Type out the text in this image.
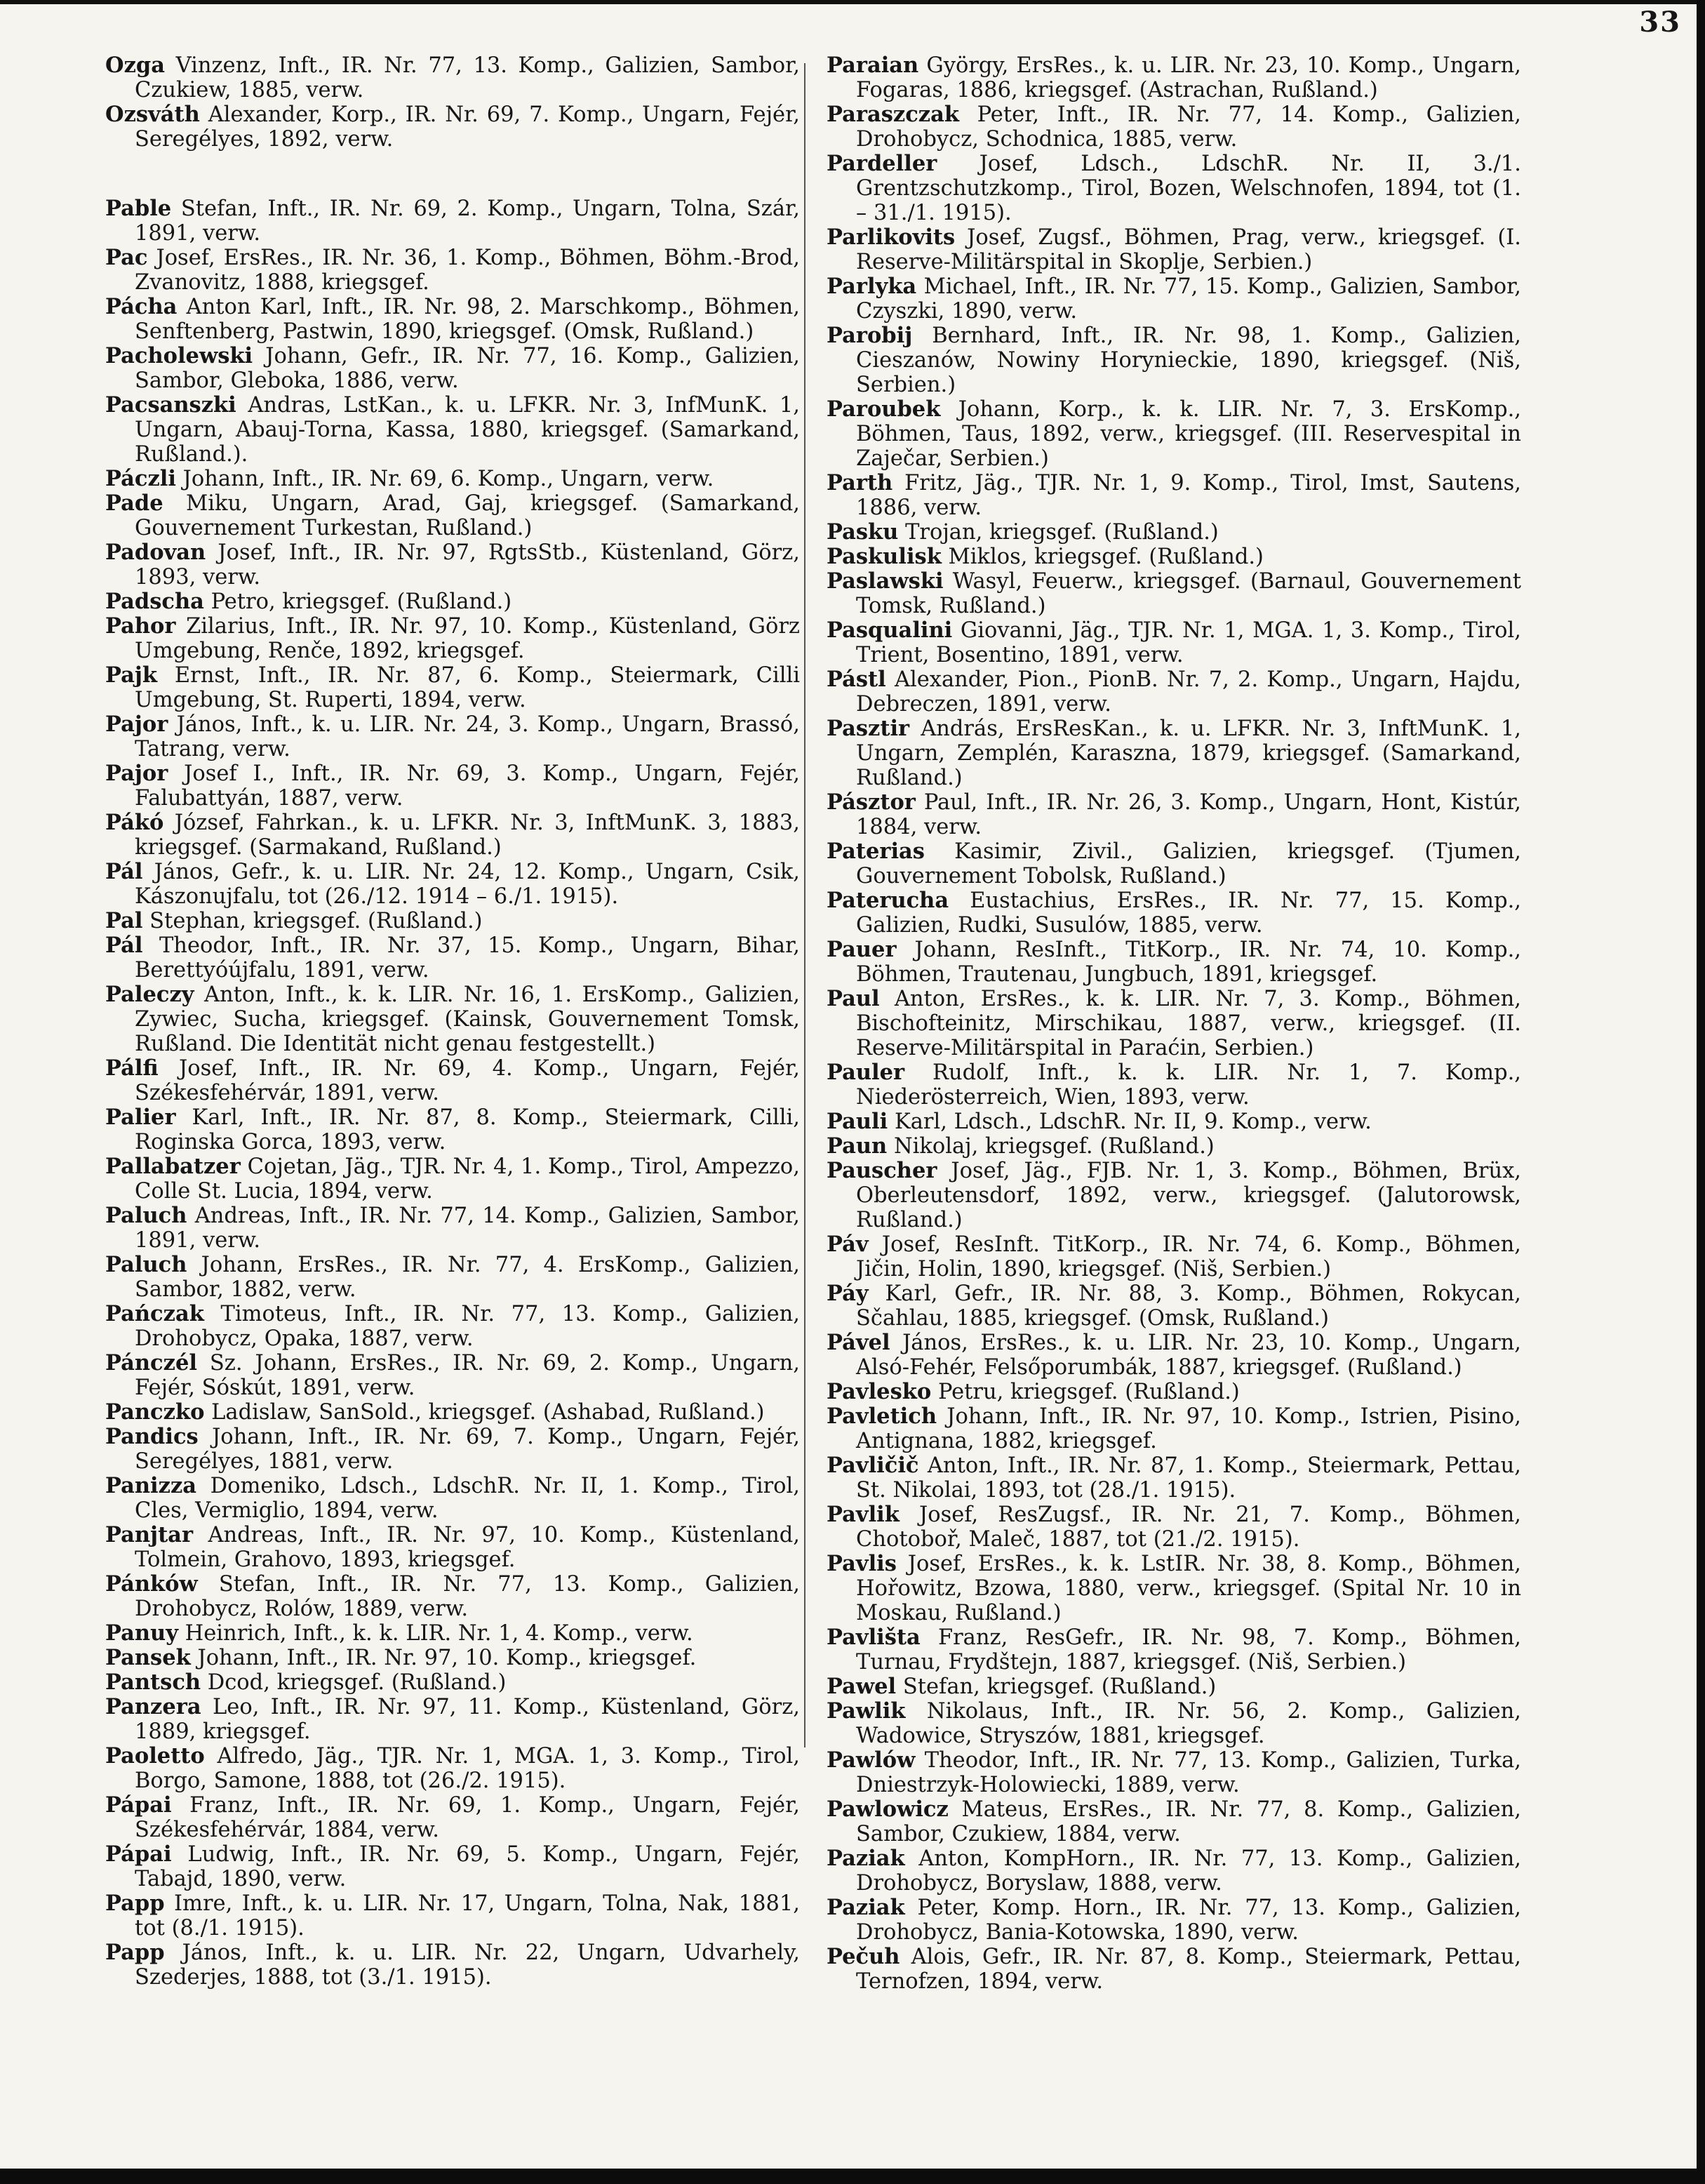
33

Ozga Vinzenz, Inft., IR. Nr. 77, 13. Komp., Galizien, Sambor, Czukiew, 1885, verw.

Ozsváth Alexander, Korp., IR. Nr. 69, 7. Komp., Ungarn, Fejér, Seregélyes, 1892, verw.

Pable Stefan, Inft., IR. Nr. 69, 2. Komp., Ungarn, Tolna, Szár, 1891, verw.

Pac Josef, ErsRes., IR. Nr. 36, 1. Komp., Böhmen, Böhm.-Brod, Zvanovitz, 1888, kriegsgef.

Pácha Anton Karl, Inft., IR. Nr. 98, 2. Marschkomp., Böhmen, Senftenberg, Pastwin, 1890, kriegsgef. (Omsk, Rußland.)

Pacholewski Johann, Gefr., IR. Nr. 77, 16. Komp., Galizien, Sambor, Gleboka, 1886, verw.

Pacsanszki Andras, LstKan., k. u. LFKR. Nr. 3, InfMunK. 1, Ungarn, Abauj-Torna, Kassa, 1880, kriegsgef. (Samarkand, Rußland.).

Páczli Johann, Inft., IR. Nr. 69, 6. Komp., Ungarn, verw.

Pade Miku, Ungarn, Arad, Gaj, kriegsgef. (Samarkand, Gouvernement Turkestan, Rußland.)

Padovan Josef, Inft., IR. Nr. 97, RgtsStb., Küstenland, Görz, 1893, verw.

Padscha Petro, kriegsgef. (Rußland.)

Pahor Zilarius, Inft., IR. Nr. 97, 10. Komp., Küstenland, Görz Umgebung, Renče, 1892, kriegsgef.

Pajk Ernst, Inft., IR. Nr. 87, 6. Komp., Steiermark, Cilli Umgebung, St. Ruperti, 1894, verw.

Pajor János, Inft., k. u. LIR. Nr. 24, 3. Komp., Ungarn, Brassó, Tatrang, verw.

Pajor Josef I., Inft., IR. Nr. 69, 3. Komp., Ungarn, Fejér, Falubattyán, 1887, verw.

Pákó József, Fahrkan., k. u. LFKR. Nr. 3, InftMunK. 3, 1883, kriegsgef. (Sarmakand, Rußland.)

Pál János, Gefr., k. u. LIR. Nr. 24, 12. Komp., Ungarn, Csik, Kászonujfalu, tot (26./12. 1914 – 6./1. 1915).

Pal Stephan, kriegsgef. (Rußland.)

Pál Theodor, Inft., IR. Nr. 37, 15. Komp., Ungarn, Bihar, Berettyóújfalu, 1891, verw.

Paleczy Anton, Inft., k. k. LIR. Nr. 16, 1. ErsKomp., Galizien, Zywiec, Sucha, kriegsgef. (Kainsk, Gouvernement Tomsk, Rußland. Die Identität nicht genau festgestellt.)

Pálfi Josef, Inft., IR. Nr. 69, 4. Komp., Ungarn, Fejér, Székesfehérvár, 1891, verw.

Palier Karl, Inft., IR. Nr. 87, 8. Komp., Steiermark, Cilli, Roginska Gorca, 1893, verw.

Pallabatzer Cojetan, Jäg., TJR. Nr. 4, 1. Komp., Tirol, Ampezzo, Colle St. Lucia, 1894, verw.

Paluch Andreas, Inft., IR. Nr. 77, 14. Komp., Galizien, Sambor, 1891, verw.

Paluch Johann, ErsRes., IR. Nr. 77, 4. ErsKomp., Galizien, Sambor, 1882, verw.

Pańczak Timoteus, Inft., IR. Nr. 77, 13. Komp., Galizien, Drohobycz, Opaka, 1887, verw.

Pánczél Sz. Johann, ErsRes., IR. Nr. 69, 2. Komp., Ungarn, Fejér, Sóskút, 1891, verw.

Panczko Ladislaw, SanSold., kriegsgef. (Ashabad, Rußland.)

Pandics Johann, Inft., IR. Nr. 69, 7. Komp., Ungarn, Fejér, Seregélyes, 1881, verw.

Panizza Domeniko, Ldsch., LdschR. Nr. II, 1. Komp., Tirol, Cles, Vermiglio, 1894, verw.

Panjtar Andreas, Inft., IR. Nr. 97, 10. Komp., Küstenland, Tolmein, Grahovo, 1893, kriegsgef.

Pánków Stefan, Inft., IR. Nr. 77, 13. Komp., Galizien, Drohobycz, Rolów, 1889, verw.

Panuy Heinrich, Inft., k. k. LIR. Nr. 1, 4. Komp., verw.

Pansek Johann, Inft., IR. Nr. 97, 10. Komp., kriegsgef.

Pantsch Dcod, kriegsgef. (Rußland.)

Panzera Leo, Inft., IR. Nr. 97, 11. Komp., Küstenland, Görz, 1889, kriegsgef.

Paoletto Alfredo, Jäg., TJR. Nr. 1, MGA. 1, 3. Komp., Tirol, Borgo, Samone, 1888, tot (26./2. 1915).

Pápai Franz, Inft., IR. Nr. 69, 1. Komp., Ungarn, Fejér, Székesfehérvár, 1884, verw.

Pápai Ludwig, Inft., IR. Nr. 69, 5. Komp., Ungarn, Fejér, Tabajd, 1890, verw.

Papp Imre, Inft., k. u. LIR. Nr. 17, Ungarn, Tolna, Nak, 1881, tot (8./1. 1915).

Papp János, Inft., k. u. LIR. Nr. 22, Ungarn, Udvarhely, Szederjes, 1888, tot (3./1. 1915).

Paraian György, ErsRes., k. u. LIR. Nr. 23, 10. Komp., Ungarn, Fogaras, 1886, kriegsgef. (Astrachan, Rußland.)

Paraszczak Peter, Inft., IR. Nr. 77, 14. Komp., Galizien, Drohobycz, Schodnica, 1885, verw.

Pardeller Josef, Ldsch., LdschR. Nr. II, 3./1. Grentzschutzkomp., Tirol, Bozen, Welschnofen, 1894, tot (1. – 31./1. 1915).

Parlikovits Josef, Zugsf., Böhmen, Prag, verw., kriegsgef. (I. Reserve-Militärspital in Skoplje, Serbien.)

Parlyka Michael, Inft., IR. Nr. 77, 15. Komp., Galizien, Sambor, Czyszki, 1890, verw.

Parobij Bernhard, Inft., IR. Nr. 98, 1. Komp., Galizien, Cieszanów, Nowiny Horynieckie, 1890, kriegsgef. (Niš, Serbien.)

Paroubek Johann, Korp., k. k. LIR. Nr. 7, 3. ErsKomp., Böhmen, Taus, 1892, verw., kriegsgef. (III. Reservespital in Zaječar, Serbien.)

Parth Fritz, Jäg., TJR. Nr. 1, 9. Komp., Tirol, Imst, Sautens, 1886, verw.

Pasku Trojan, kriegsgef. (Rußland.)

Paskulisk Miklos, kriegsgef. (Rußland.)

Paslawski Wasyl, Feuerw., kriegsgef. (Barnaul, Gouvernement Tomsk, Rußland.)

Pasqualini Giovanni, Jäg., TJR. Nr. 1, MGA. 1, 3. Komp., Tirol, Trient, Bosentino, 1891, verw.

Pástl Alexander, Pion., PionB. Nr. 7, 2. Komp., Ungarn, Hajdu, Debreczen, 1891, verw.

Pasztir András, ErsResKan., k. u. LFKR. Nr. 3, InftMunK. 1, Ungarn, Zemplén, Karaszna, 1879, kriegsgef. (Samarkand, Rußland.)

Pásztor Paul, Inft., IR. Nr. 26, 3. Komp., Ungarn, Hont, Kistúr, 1884, verw.

Paterias Kasimir, Zivil., Galizien, kriegsgef. (Tjumen, Gouvernement Tobolsk, Rußland.)

Paterucha Eustachius, ErsRes., IR. Nr. 77, 15. Komp., Galizien, Rudki, Susulów, 1885, verw.

Pauer Johann, ResInft., TitKorp., IR. Nr. 74, 10. Komp., Böhmen, Trautenau, Jungbuch, 1891, kriegsgef.

Paul Anton, ErsRes., k. k. LIR. Nr. 7, 3. Komp., Böhmen, Bischofteinitz, Mirschikau, 1887, verw., kriegsgef. (II. Reserve-Militärspital in Paraćin, Serbien.)

Pauler Rudolf, Inft., k. k. LIR. Nr. 1, 7. Komp., Niederösterreich, Wien, 1893, verw.

Pauli Karl, Ldsch., LdschR. Nr. II, 9. Komp., verw.

Paun Nikolaj, kriegsgef. (Rußland.)

Pauscher Josef, Jäg., FJB. Nr. 1, 3. Komp., Böhmen, Brüx, Oberleutensdorf, 1892, verw., kriegsgef. (Jalutorowsk, Rußland.)

Páv Josef, ResInft. TitKorp., IR. Nr. 74, 6. Komp., Böhmen, Jičin, Holin, 1890, kriegsgef. (Niš, Serbien.)

Páy Karl, Gefr., IR. Nr. 88, 3. Komp., Böhmen, Rokycan, Sčahlau, 1885, kriegsgef. (Omsk, Rußland.)

Pável János, ErsRes., k. u. LIR. Nr. 23, 10. Komp., Ungarn, Alsó-Fehér, Felsőporumbák, 1887, kriegsgef. (Rußland.)

Pavlesko Petru, kriegsgef. (Rußland.)

Pavletich Johann, Inft., IR. Nr. 97, 10. Komp., Istrien, Pisino, Antignana, 1882, kriegsgef.

Pavličič Anton, Inft., IR. Nr. 87, 1. Komp., Steiermark, Pettau, St. Nikolai, 1893, tot (28./1. 1915).

Pavlik Josef, ResZugsf., IR. Nr. 21, 7. Komp., Böhmen, Chotoboř, Maleč, 1887, tot (21./2. 1915).

Pavlis Josef, ErsRes., k. k. LstIR. Nr. 38, 8. Komp., Böhmen, Hořowitz, Bzowa, 1880, verw., kriegsgef. (Spital Nr. 10 in Moskau, Rußland.)

Pavlišta Franz, ResGefr., IR. Nr. 98, 7. Komp., Böhmen, Turnau, Frydštejn, 1887, kriegsgef. (Niš, Serbien.)

Pawel Stefan, kriegsgef. (Rußland.)

Pawlik Nikolaus, Inft., IR. Nr. 56, 2. Komp., Galizien, Wadowice, Stryszów, 1881, kriegsgef.

Pawlów Theodor, Inft., IR. Nr. 77, 13. Komp., Galizien, Turka, Dniestrzyk-Holowiecki, 1889, verw.

Pawlowicz Mateus, ErsRes., IR. Nr. 77, 8. Komp., Galizien, Sambor, Czukiew, 1884, verw.

Paziak Anton, KompHorn., IR. Nr. 77, 13. Komp., Galizien, Drohobycz, Boryslaw, 1888, verw.

Paziak Peter, Komp. Horn., IR. Nr. 77, 13. Komp., Galizien, Drohobycz, Bania-Kotowska, 1890, verw.

Pečuh Alois, Gefr., IR. Nr. 87, 8. Komp., Steiermark, Pettau, Ternofzen, 1894, verw.
